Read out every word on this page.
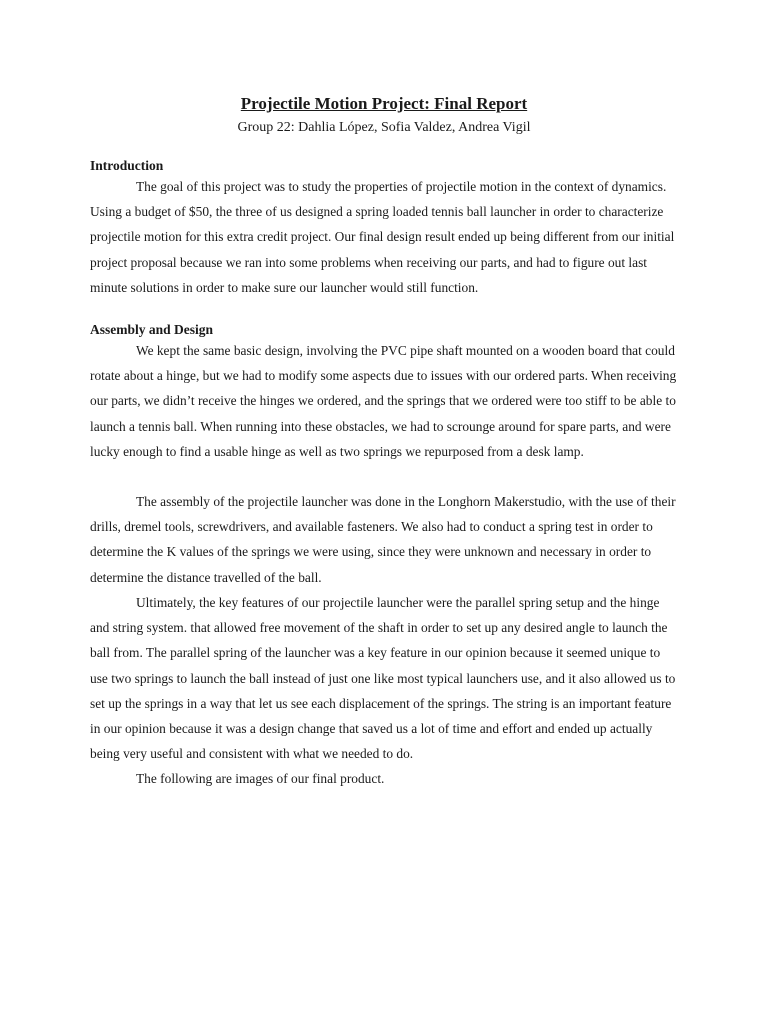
Projectile Motion Project: Final Report
Group 22: Dahlia López, Sofia Valdez, Andrea Vigil
Introduction

The goal of this project was to study the properties of projectile motion in the context of dynamics. Using a budget of $50, the three of us designed a spring loaded tennis ball launcher in order to characterize projectile motion for this extra credit project. Our final design result ended up being different from our initial project proposal because we ran into some problems when receiving our parts, and had to figure out last minute solutions in order to make sure our launcher would still function.

Assembly and Design

We kept the same basic design, involving the PVC pipe shaft mounted on a wooden board that could rotate about a hinge, but we had to modify some aspects due to issues with our ordered parts. When receiving our parts, we didn’t receive the hinges we ordered, and the springs that we ordered were too stiff to be able to launch a tennis ball. When running into these obstacles, we had to scrounge around for spare parts, and were lucky enough to find a usable hinge as well as two springs we repurposed from a desk lamp.

The assembly of the projectile launcher was done in the Longhorn Makerstudio, with the use of their drills, dremel tools, screwdrivers, and available fasteners. We also had to conduct a spring test in order to determine the K values of the springs we were using, since they were unknown and necessary in order to determine the distance travelled of the ball.

Ultimately, the key features of our projectile launcher were the parallel spring setup and the hinge and string system. that allowed free movement of the shaft in order to set up any desired angle to launch the ball from. The parallel spring of the launcher was a key feature in our opinion because it seemed unique to use two springs to launch the ball instead of just one like most typical launchers use, and it also allowed us to set up the springs in a way that let us see each displacement of the springs. The string is an important feature in our opinion because it was a design change that saved us a lot of time and effort and ended up actually being very useful and consistent with what we needed to do.

The following are images of our final product.
